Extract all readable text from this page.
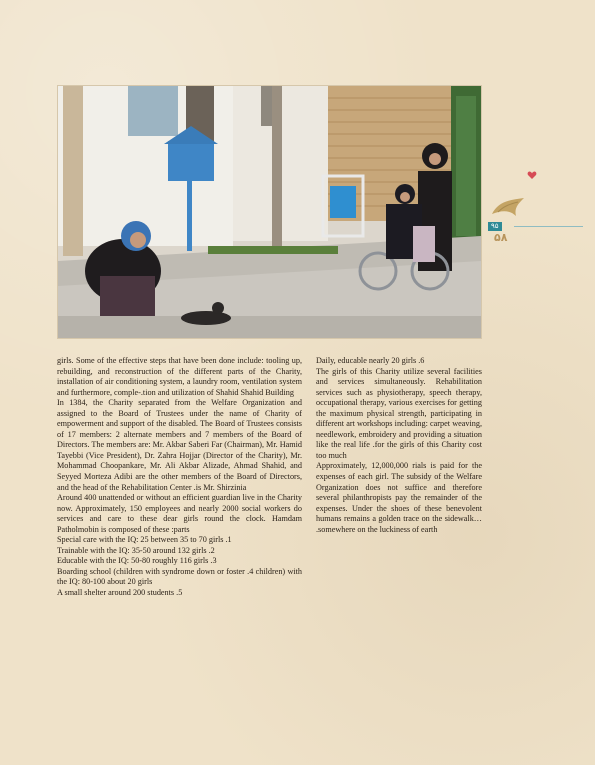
۹۵
۵۸

girls. Some of the effective steps that have been done include: tooling up, rebuilding, and reconstruction of the different parts of the Charity, installation of air conditioning system, a laundry room, ventilation system and furthermore, comple-.tion and utilization of Shahid Shahid Building

In 1384, the Charity separated from the Welfare Organization and assigned to the Board of Trustees under the name of Charity of empowerment and support of the disabled. The Board of Trustees consists of 17 members: 2 alternate members and 7 members of the Board of Directors. The members are: Mr. Akbar Saberi Far (Chairman), Mr. Hamid Tayebbi (Vice President), Dr. Zahra Hojjar (Director of the Charity), Mr. Mohammad Choopankare, Mr. Ali Akbar Alizade, Ahmad Shahid, and Seyyed Morteza Adibi are the other members of the Board of Directors, and the head of the Rehabilitation Center .is Mr. Shirzinia

Around 400 unattended or without an efficient guardian live in the Charity now. Approximately, 150 employees and nearly 2000 social workers do services and care to these dear girls round the clock. Hamdam Patholmobin is composed of these :parts

Special care with the IQ: 25 between 35 to 70 girls .1

Trainable with the IQ: 35-50 around 132 girls .2

Educable with the IQ: 50-80 roughly 116 girls .3

Boarding school (children with syndrome down or foster .4 children) with the IQ: 80-100 about 20 girls

A small shelter around 200 students .5

Daily, educable nearly 20 girls .6

The girls of this Charity utilize several facilities and services simultaneously. Rehabilitation services such as physiotherapy, speech therapy, occupational therapy, various exercises for getting the maximum physical strength, participating in different art workshops including: carpet weaving, needlework, embroidery and providing a situation like the real life .for the girls of this Charity cost too much

Approximately, 12,000,000 rials is paid for the expenses of each girl. The subsidy of the Welfare Organization does not suffice and therefore several philanthropists pay the remainder of the expenses. Under the shoes of these benevolent humans remains a golden trace on the sidewalk… .somewhere on the luckiness of earth
